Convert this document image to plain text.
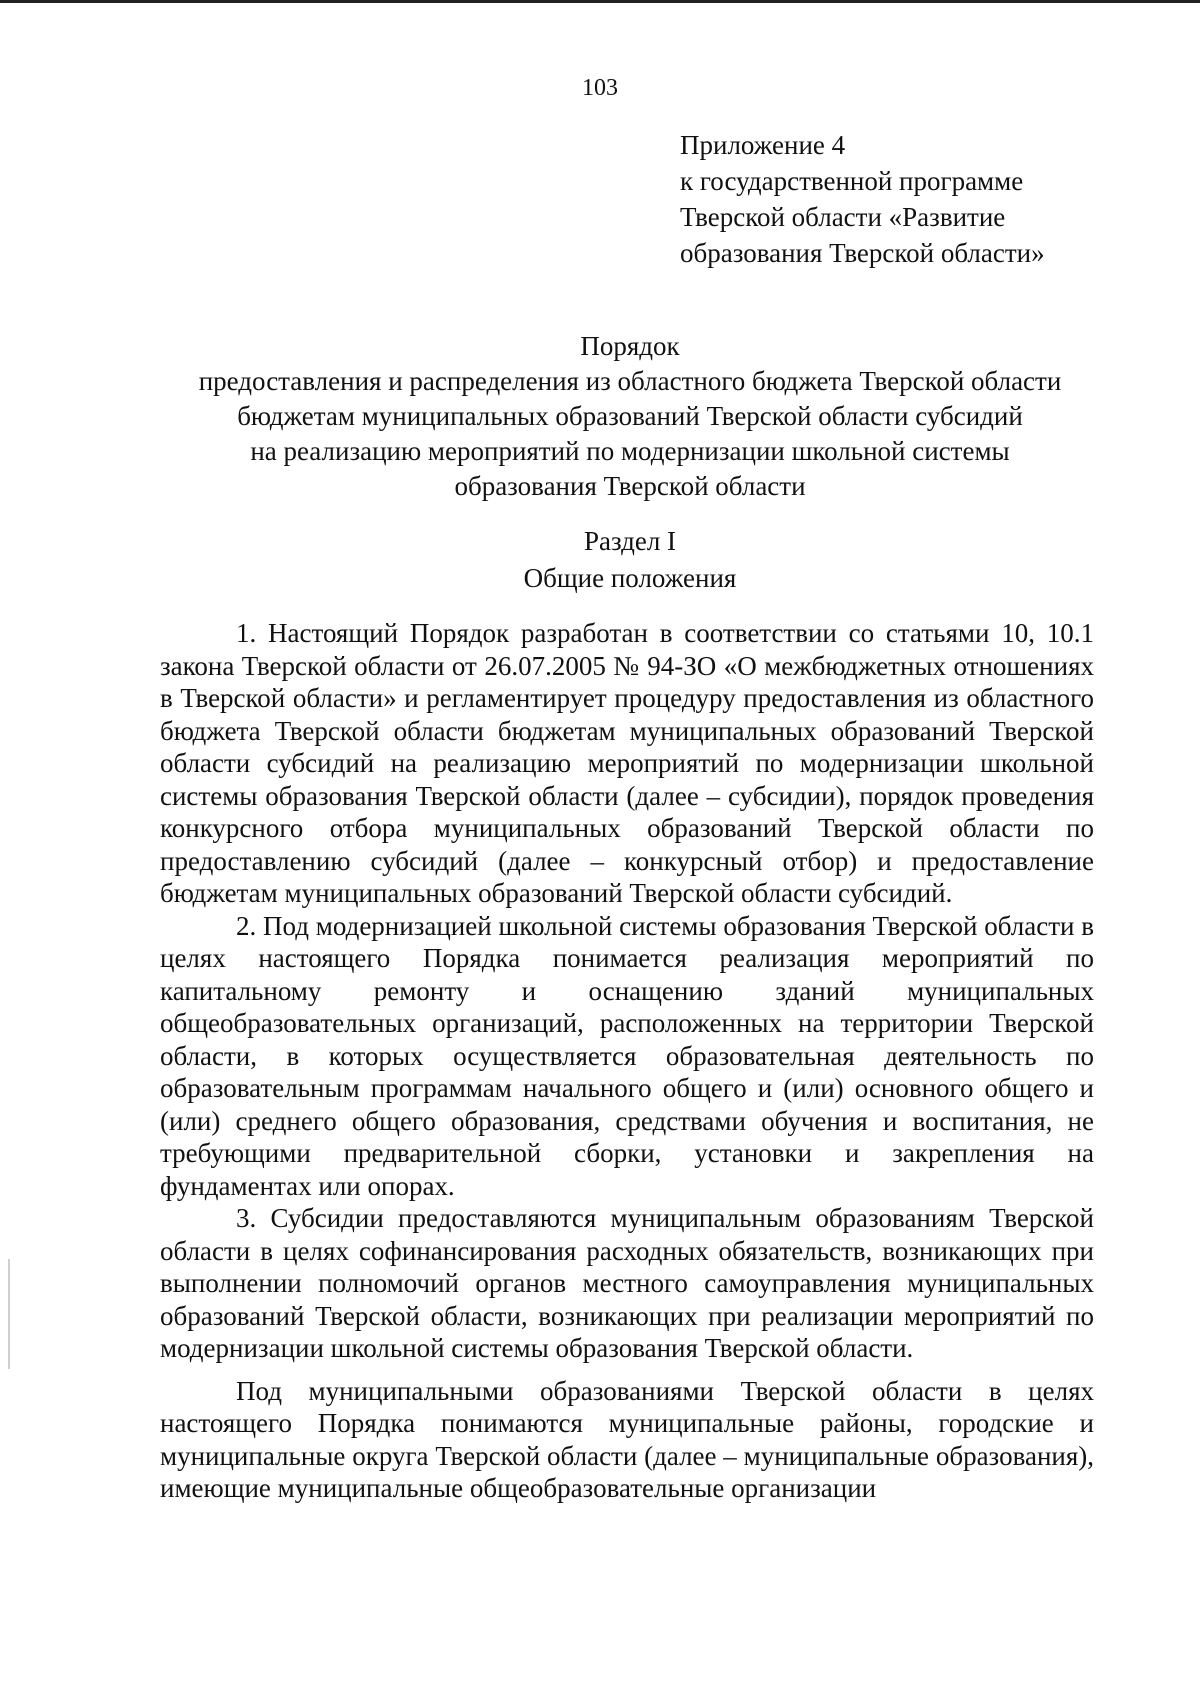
103
Приложение 4
к государственной программе
Тверской области «Развитие
образования Тверской области»
Порядок
предоставления и распределения из областного бюджета Тверской области
бюджетам муниципальных образований Тверской области субсидий
на реализацию мероприятий по модернизации школьной системы
образования Тверской области
Раздел I
Общие положения

1. Настоящий Порядок разработан в соответствии со статьями 10, 10.1 закона Тверской области от 26.07.2005 № 94-ЗО «О межбюджетных отношениях в Тверской области» и регламентирует процедуру предоставления из областного бюджета Тверской области бюджетам муниципальных образований Тверской области субсидий на реализацию мероприятий по модернизации школьной системы образования Тверской области (далее – субсидии), порядок проведения конкурсного отбора муниципальных образований Тверской области по предоставлению субсидий (далее – конкурсный отбор) и предоставление бюджетам муниципальных образований Тверской области субсидий.

2. Под модернизацией школьной системы образования Тверской области в целях настоящего Порядка понимается реализация мероприятий по капитальному ремонту и оснащению зданий муниципальных общеобразовательных организаций, расположенных на территории Тверской области, в которых осуществляется образовательная деятельность по образовательным программам начального общего и (или) основного общего и (или) среднего общего образования, средствами обучения и воспитания, не требующими предварительной сборки, установки и закрепления на фундаментах или опорах.

3. Субсидии предоставляются муниципальным образованиям Тверской области в целях софинансирования расходных обязательств, возникающих при выполнении полномочий органов местного самоуправления муниципальных образований Тверской области, возникающих при реализации мероприятий по модернизации школьной системы образования Тверской области.

Под муниципальными образованиями Тверской области в целях настоящего Порядка понимаются муниципальные районы, городские и муниципальные округа Тверской области (далее – муниципальные образования), имеющие муниципальные общеобразовательные организации
